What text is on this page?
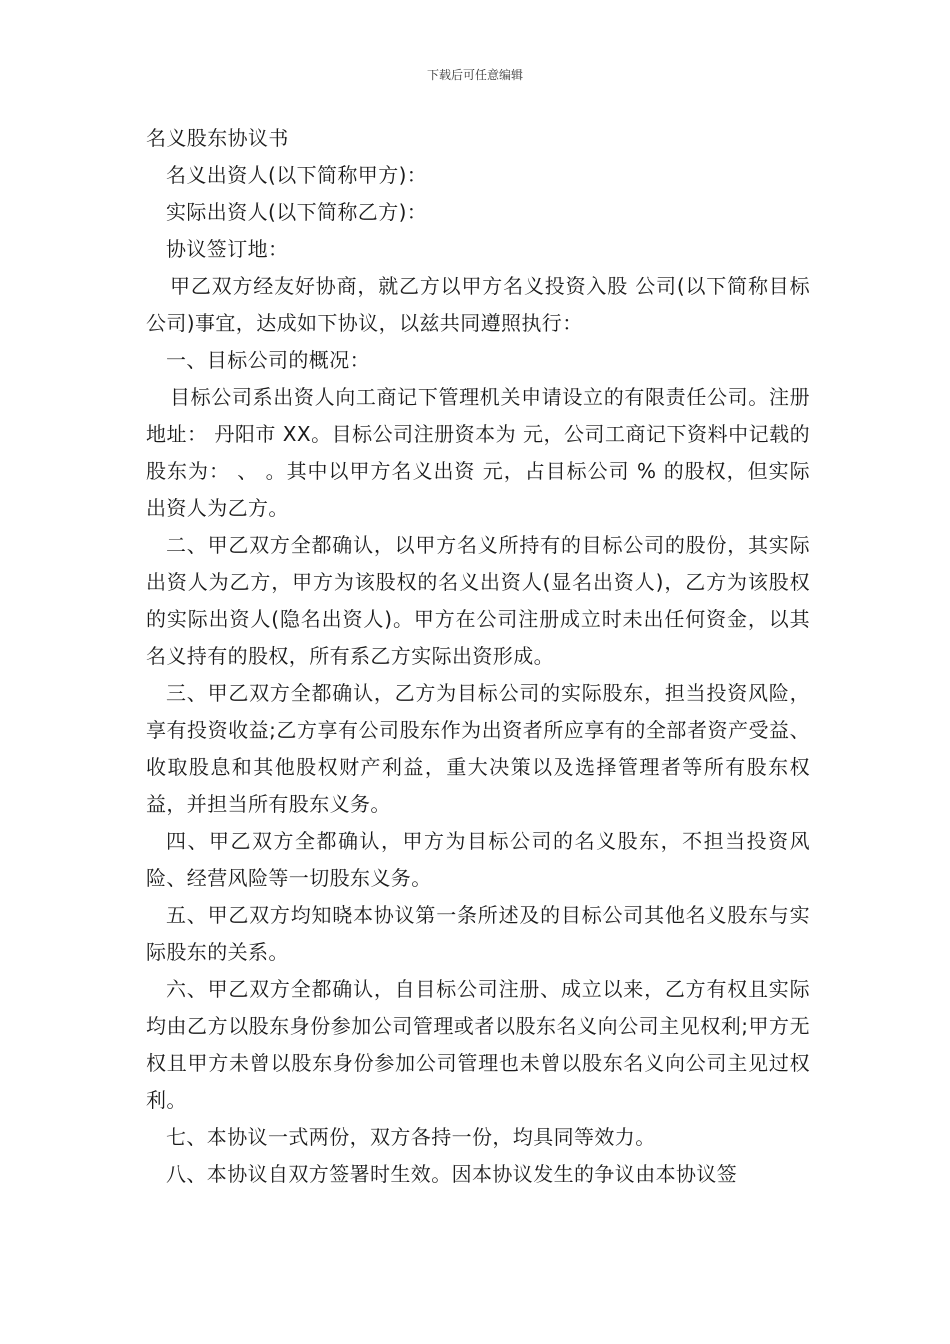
下载后可任意编辑

名义股东协议书

名义出资人(以下简称甲方)：

实际出资人(以下简称乙方)：

协议签订地：

甲乙双方经友好协商，就乙方以甲方名义投资入股 公司(以下简称目标公司)事宜，达成如下协议，以兹共同遵照执行：

一、目标公司的概况：

目标公司系出资人向工商记下管理机关申请设立的有限责任公司。注册地址： 丹阳市 XX。目标公司注册资本为 元，公司工商记下资料中记载的股东为： 、 。其中以甲方名义出资 元，占目标公司 % 的股权，但实际出资人为乙方。

二、甲乙双方全都确认，以甲方名义所持有的目标公司的股份，其实际出资人为乙方，甲方为该股权的名义出资人(显名出资人)，乙方为该股权的实际出资人(隐名出资人)。甲方在公司注册成立时未出任何资金，以其名义持有的股权，所有系乙方实际出资形成。

三、甲乙双方全都确认，乙方为目标公司的实际股东，担当投资风险，享有投资收益;乙方享有公司股东作为出资者所应享有的全部者资产受益、收取股息和其他股权财产利益，重大决策以及选择管理者等所有股东权益，并担当所有股东义务。

四、甲乙双方全都确认，甲方为目标公司的名义股东，不担当投资风险、经营风险等一切股东义务。

五、甲乙双方均知晓本协议第一条所述及的目标公司其他名义股东与实际股东的关系。

六、甲乙双方全都确认，自目标公司注册、成立以来，乙方有权且实际均由乙方以股东身份参加公司管理或者以股东名义向公司主见权利;甲方无权且甲方未曾以股东身份参加公司管理也未曾以股东名义向公司主见过权利。

七、本协议一式两份，双方各持一份，均具同等效力。

八、本协议自双方签署时生效。因本协议发生的争议由本协议签
